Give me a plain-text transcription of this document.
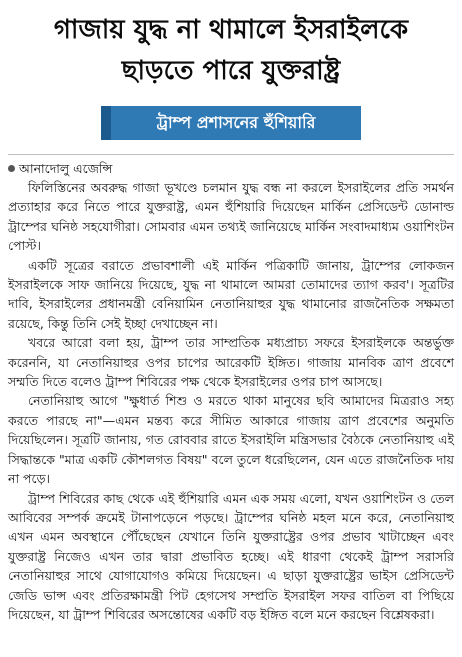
গাজায় যুদ্ধ না থামালে ইসরাইলকে
ছাড়তে পারে যুক্তরাষ্ট্র
ট্রাম্প প্রশাসনের হুঁশিয়ারি
আনাদোলু এজেন্সি

ফিলিস্তিনের অবরুদ্ধ গাজা ভূখণ্ডে চলমান যুদ্ধ বন্ধ না করলে ইসরাইলের প্রতি সমর্থন প্রত্যাহার করে নিতে পারে যুক্তরাষ্ট্র, এমন হুঁশিয়ারি দিয়েছেন মার্কিন প্রেসিডেন্ট ডোনাল্ড ট্রাম্পের ঘনিষ্ঠ সহযোগীরা। সোমবার এমন তথ্যই জানিয়েছে মার্কিন সংবাদমাধ্যম ওয়াশিংটন পোস্ট।

একটি সূত্রের বরাতে প্রভাবশালী এই মার্কিন পত্রিকাটি জানায়, ট্রাম্পের লোকজন ইসরাইলকে সাফ জানিয়ে দিয়েছে, যুদ্ধ না থামালে আমরা তোমাদের ত্যাগ করব'। সূত্রটির দাবি, ইসরাইলের প্রধানমন্ত্রী বেনিয়ামিন নেতানিয়াহুর যুদ্ধ থামানোর রাজনৈতিক সক্ষমতা রয়েছে, কিন্তু তিনি সেই ইচ্ছা দেখাচ্ছেন না।

খবরে আরো বলা হয়, ট্রাম্প তার সাম্প্রতিক মধ্যপ্রাচ্য সফরে ইসরাইলকে অন্তর্ভুক্ত করেননি, যা নেতানিয়াহুর ওপর চাপের আরেকটি ইঙ্গিত। গাজায় মানবিক ত্রাণ প্রবেশে সম্মতি দিতে বলেও ট্রাম্প শিবিরের পক্ষ থেকে ইসরাইলের ওপর চাপ আসছে।

নেতানিয়াহু আগে "ক্ষুধার্ত শিশু ও মরতে থাকা মানুষের ছবি আমাদের মিত্ররাও সহ্য করতে পারছে না"—এমন মন্তব্য করে সীমিত আকারে গাজায় ত্রাণ প্রবেশের অনুমতি দিয়েছিলেন। সূত্রটি জানায়, গত রোববার রাতে ইসরাইলি মন্ত্রিসভার বৈঠকে নেতানিয়াহু এই সিদ্ধান্তকে "মাত্র একটি কৌশলগত বিষয়" বলে তুলে ধরেছিলেন, যেন এতে রাজনৈতিক দায় না পড়ে।

ট্রাম্প শিবিরের কাছ থেকে এই হুঁশিয়ারি এমন এক সময় এলো, যখন ওয়াশিংটন ও তেল আবিবের সম্পর্ক ক্রমেই টানাপড়েনে পড়ছে। ট্রাম্পের ঘনিষ্ঠ মহল মনে করে, নেতানিয়াহু এখন এমন অবস্থানে পৌঁছেছেন যেখানে তিনি যুক্তরাষ্ট্রের ওপর প্রভাব খাটাচ্ছেন এবং যুক্তরাষ্ট্র নিজেও এখন তার দ্বারা প্রভাবিত হচ্ছে। এই ধারণা থেকেই ট্রাম্প সরাসরি নেতানিয়াহুর সাথে যোগাযোগও কমিয়ে দিয়েছেন। এ ছাড়া যুক্তরাষ্ট্রের ভাইস প্রেসিডেন্ট জেডি ভান্স এবং প্রতিরক্ষামন্ত্রী পিট হেগসেথ সম্প্রতি ইসরাইল সফর বাতিল বা পিছিয়ে দিয়েছেন, যা ট্রাম্প শিবিরের অসন্তোষের একটি বড় ইঙ্গিত বলে মনে করছেন বিশ্লেষকরা।
